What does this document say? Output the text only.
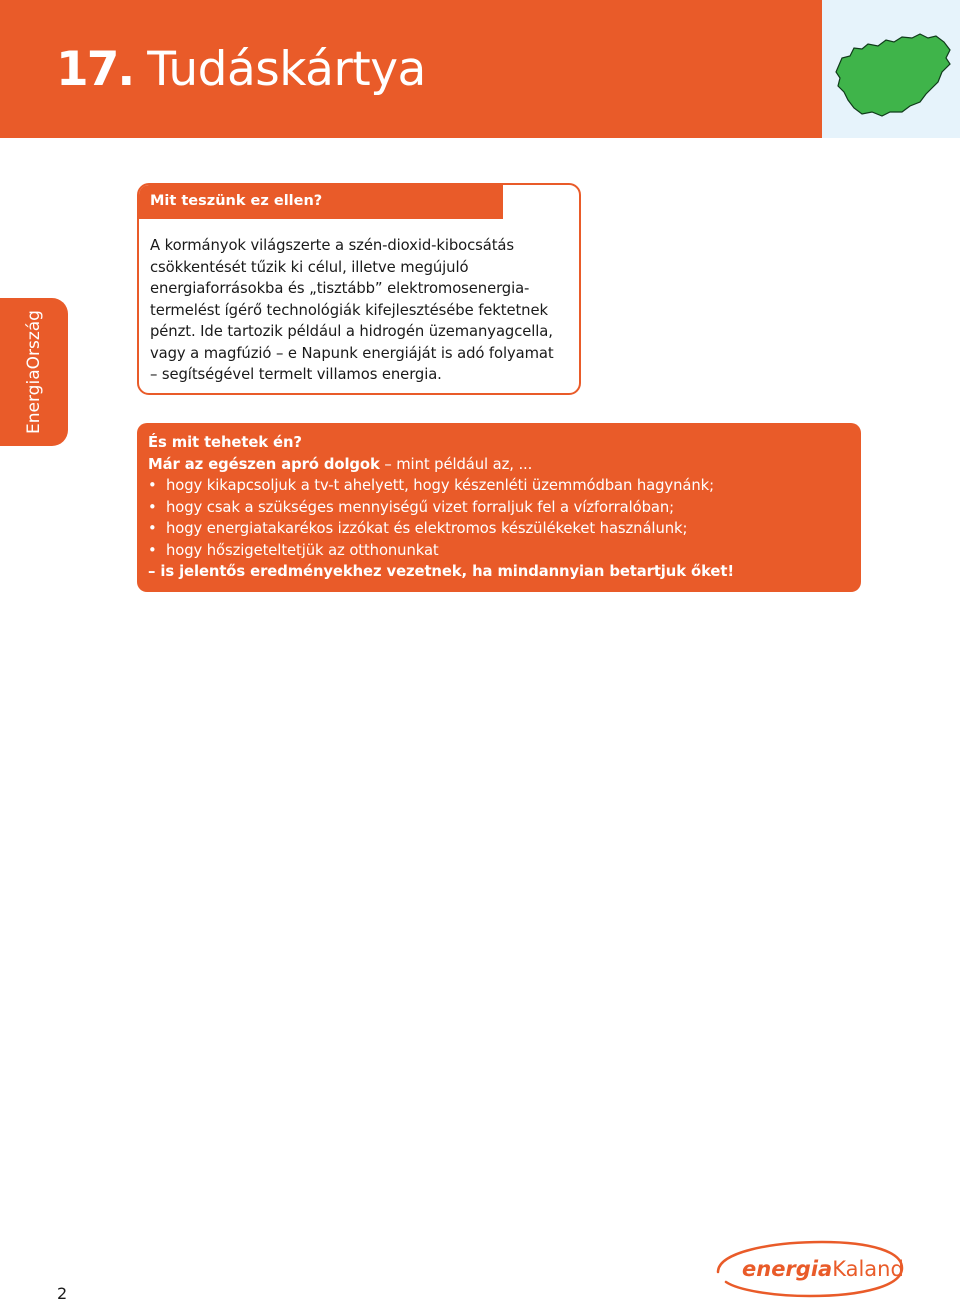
17. Tudáskártya
EnergiaOrszág
Mit teszünk ez ellen?

A kormányok világszerte a szén-dioxid-kibocsátás

csökkentését tűzik ki célul, illetve megújuló

energiaforrásokba és „tisztább” elektromosenergia-

termelést ígérő technológiák kifejlesztésébe fektetnek

pénzt. Ide tartozik például a hidrogén üzemanyagcella,

vagy a magfúzió – e Napunk energiáját is adó folyamat

– segítségével termelt villamos energia.

És mit tehetek én?
Már az egészen apró dolgok – mint például az, ...
• hogy kikapcsoljuk a tv-t ahelyett, hogy készenléti üzemmódban hagynánk;
• hogy csak a szükséges mennyiségű vizet forraljuk fel a vízforralóban;
• hogy energiatakarékos izzókat és elektromos készülékeket használunk;
• hogy hőszigeteltetjük az otthonunkat
– is jelentős eredményekhez vezetnek, ha mindannyian betartjuk őket!
2
energiaKaland
